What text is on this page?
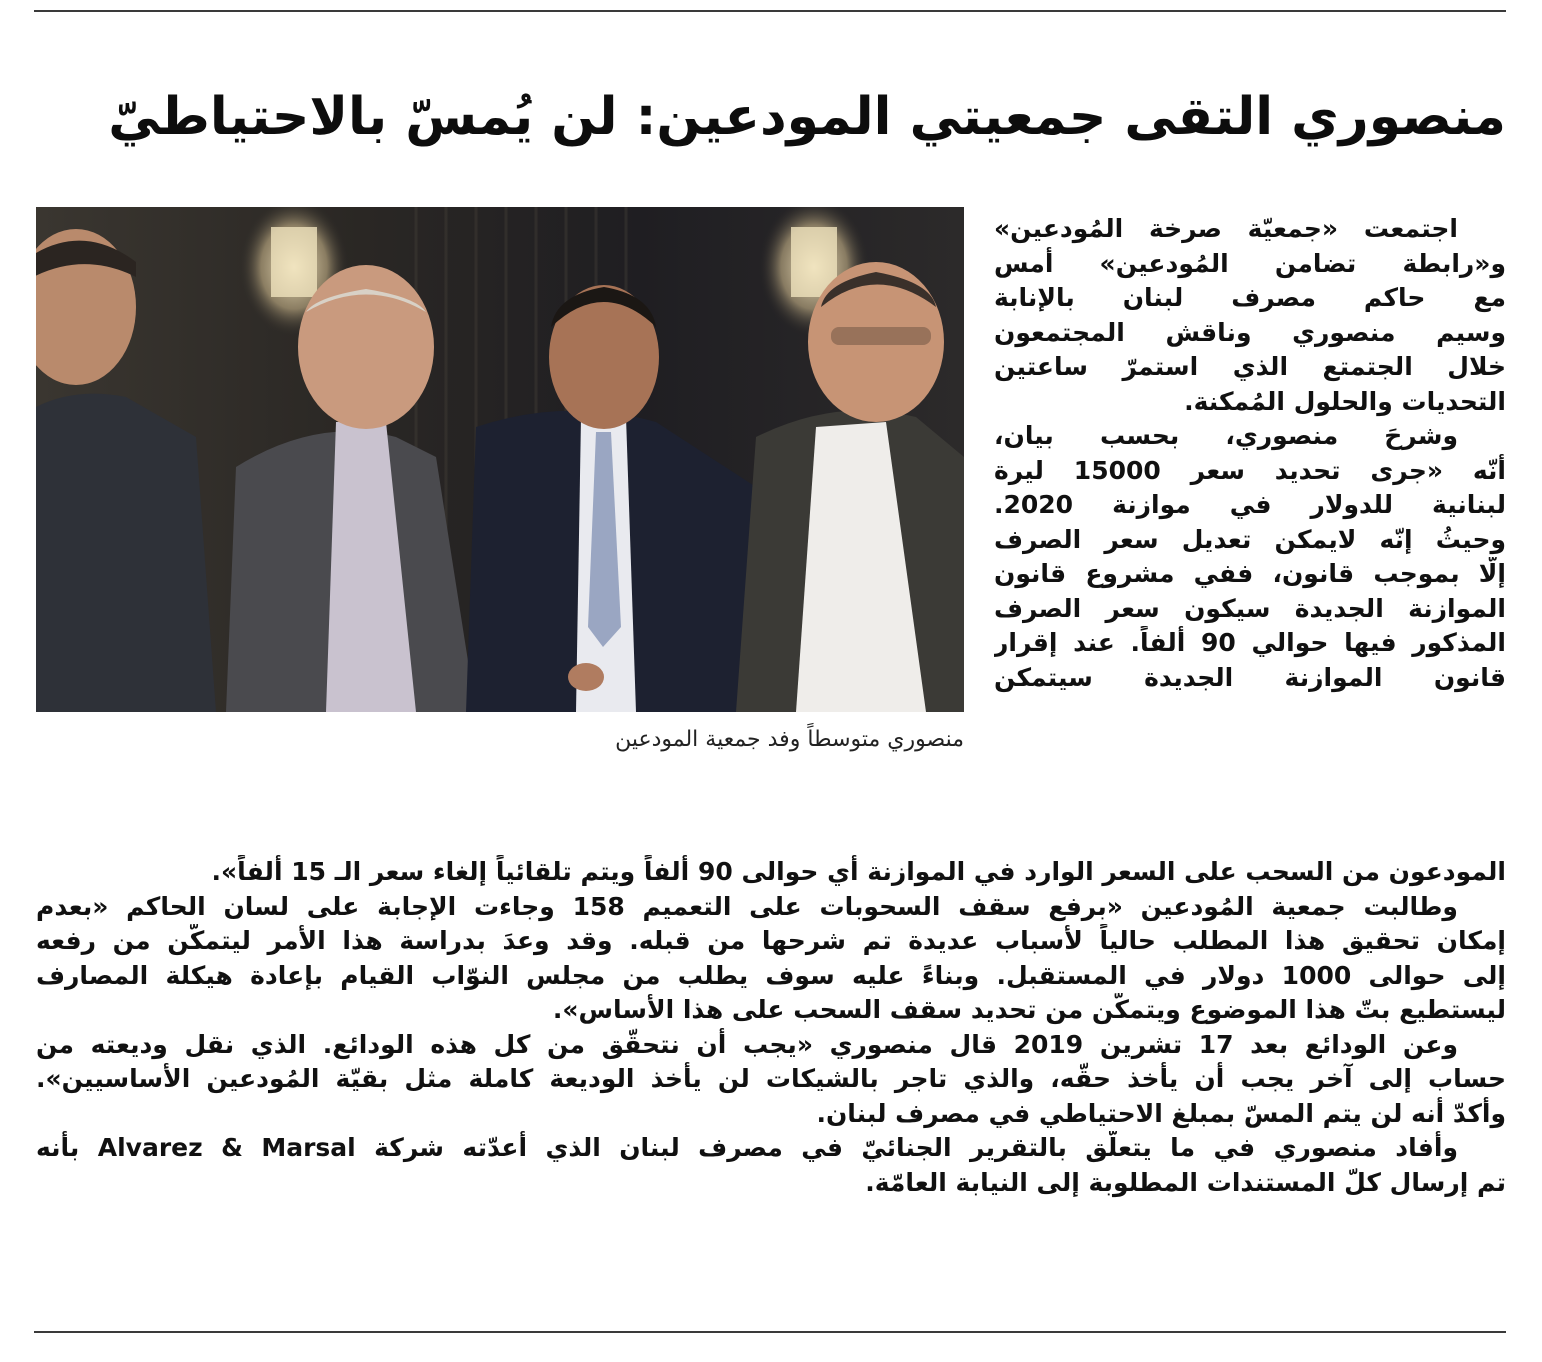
منصوري التقى جمعيتي المودعين: لن يُمسّ بالاحتياطيّ
منصوري متوسطاً وفد جمعية المودعين
اجتمعت «جمعيّة صرخة المُودعين»
و«رابطة تضامن المُودعين» أمس
مع حاكم مصرف لبنان بالإنابة
وسيم منصوري وناقش المجتمعون
خلال الجتمتع الذي استمرّ ساعتين
التحديات والحلول المُمكنة.
وشرحَ منصوري، بحسب بيان،
أنّه «جرى تحديد سعر 15000 ليرة
لبنانية للدولار في موازنة 2020.
وحيثُ إنّه لايمكن تعديل سعر الصرف
إلّا بموجب قانون، ففي مشروع قانون
الموازنة الجديدة سيكون سعر الصرف
المذكور فيها حوالي 90 ألفاً. عند إقرار
قانون الموازنة الجديدة سيتمكن
المودعون من السحب على السعر الوارد في الموازنة أي حوالى 90 ألفاً ويتم تلقائياً إلغاء سعر الـ 15 ألفاً».
وطالبت جمعية المُودعين «برفع سقف السحوبات على التعميم 158 وجاءت الإجابة على لسان الحاكم «بعدم
إمكان تحقيق هذا المطلب حالياً لأسباب عديدة تم شرحها من قبله. وقد وعدَ بدراسة هذا الأمر ليتمكّن من رفعه
إلى حوالى 1000 دولار في المستقبل. وبناءً عليه سوف يطلب من مجلس النوّاب القيام بإعادة هيكلة المصارف
ليستطيع بتّ هذا الموضوع ويتمكّن من تحديد سقف السحب على هذا الأساس».
وعن الودائع بعد 17 تشرين 2019 قال منصوري «يجب أن نتحقّق من كل هذه الودائع. الذي نقل وديعته من
حساب إلى آخر يجب أن يأخذ حقّه، والذي تاجر بالشيكات لن يأخذ الوديعة كاملة مثل بقيّة المُودعين الأساسيين».
وأكدّ أنه لن يتم المسّ بمبلغ الاحتياطي في مصرف لبنان.
وأفاد منصوري في ما يتعلّق بالتقرير الجنائيّ في مصرف لبنان الذي أعدّته شركة Alvarez & Marsal بأنه
تم إرسال كلّ المستندات المطلوبة إلى النيابة العامّة.
